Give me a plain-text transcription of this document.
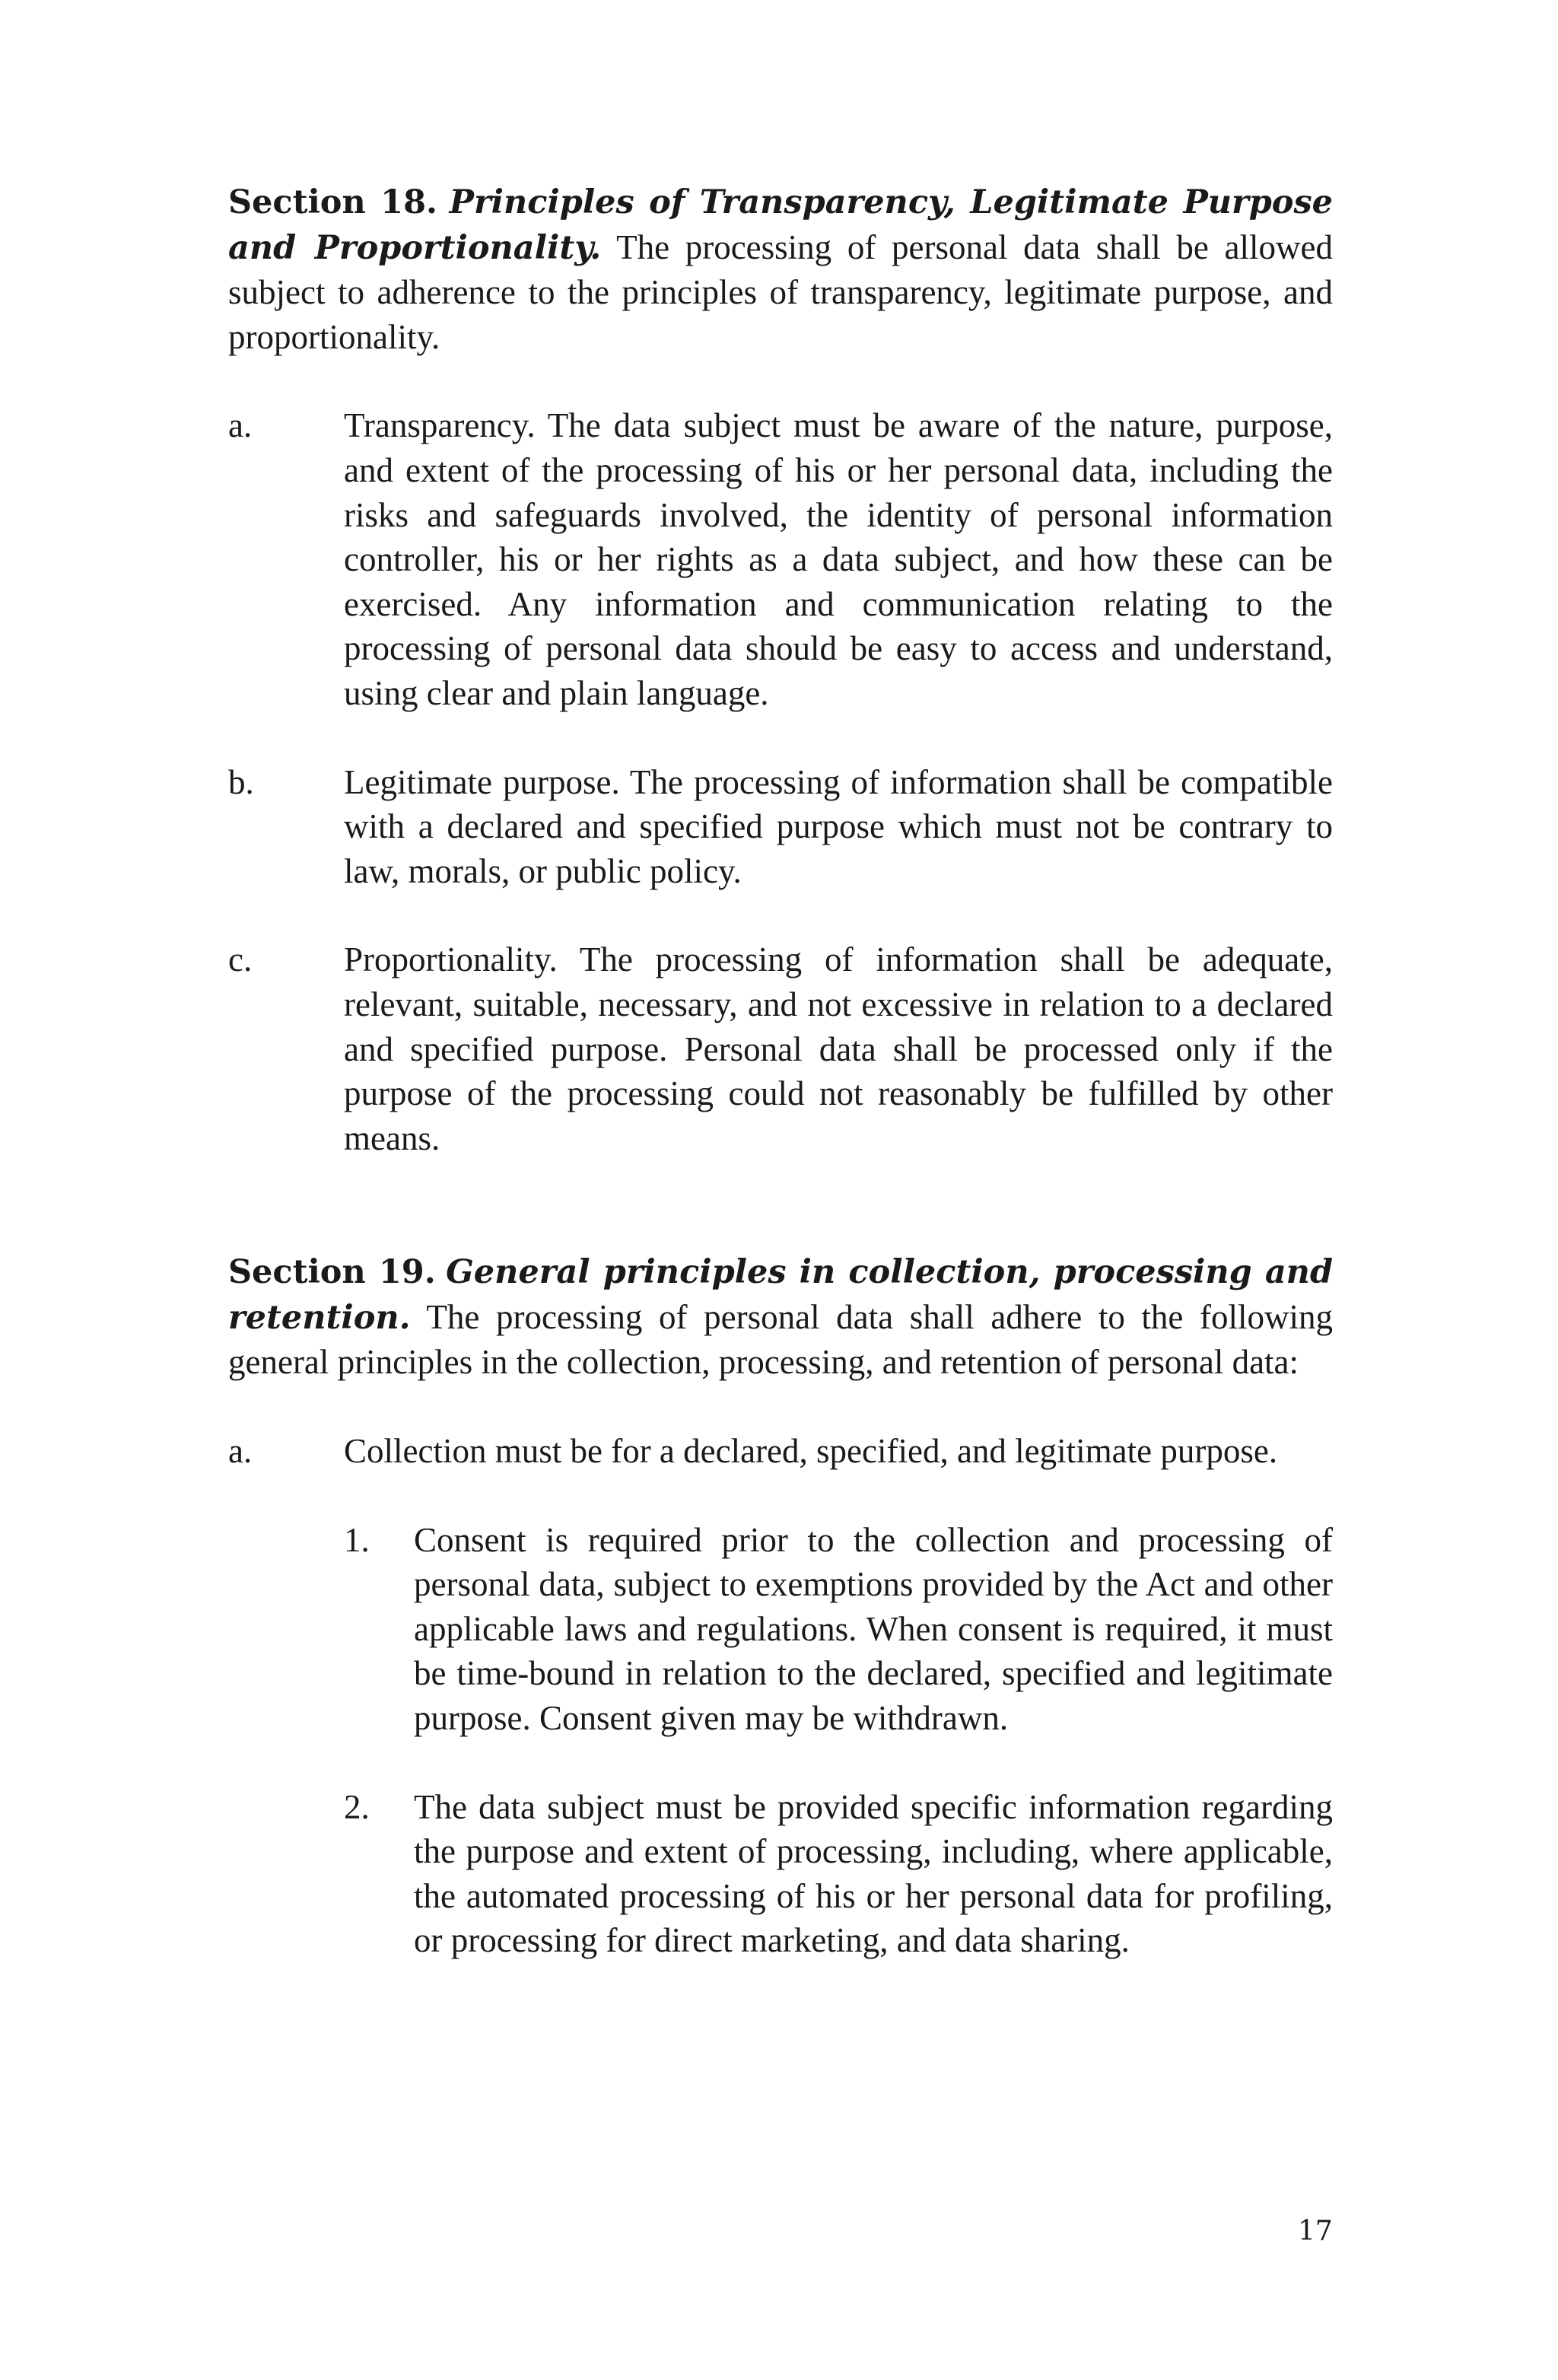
Section 18. Principles of Transparency, Legitimate Purpose and Proportionality. The processing of personal data shall be allowed subject to adherence to the principles of transparency, legitimate purpose, and proportionality.

a.	Transparency. The data subject must be aware of the nature, purpose, and extent of the processing of his or her personal data, including the risks and safeguards involved, the identity of personal information controller, his or her rights as a data subject, and how these can be exercised. Any information and communication relating to the processing of personal data should be easy to access and understand, using clear and plain language.
b.	Legitimate purpose. The processing of information shall be compatible with a declared and specified purpose which must not be contrary to law, morals, or public policy.
c.	Proportionality. The processing of information shall be adequate, relevant, suitable, necessary, and not excessive in relation to a declared and specified purpose. Personal data shall be processed only if the purpose of the processing could not reasonably be fulfilled by other means.

Section 19. General principles in collection, processing and retention. The processing of personal data shall adhere to the following general principles in the collection, processing, and retention of personal data:

a.	Collection must be for a declared, specified, and legitimate purpose.
1.	Consent is required prior to the collection and processing of personal data, subject to exemptions provided by the Act and other applicable laws and regulations. When consent is required, it must be time-bound in relation to the declared, specified and legitimate purpose. Consent given may be withdrawn.
2.	The data subject must be provided specific information regarding the purpose and extent of processing, including, where applicable, the automated processing of his or her personal data for profiling, or processing for direct marketing, and data sharing.
17
